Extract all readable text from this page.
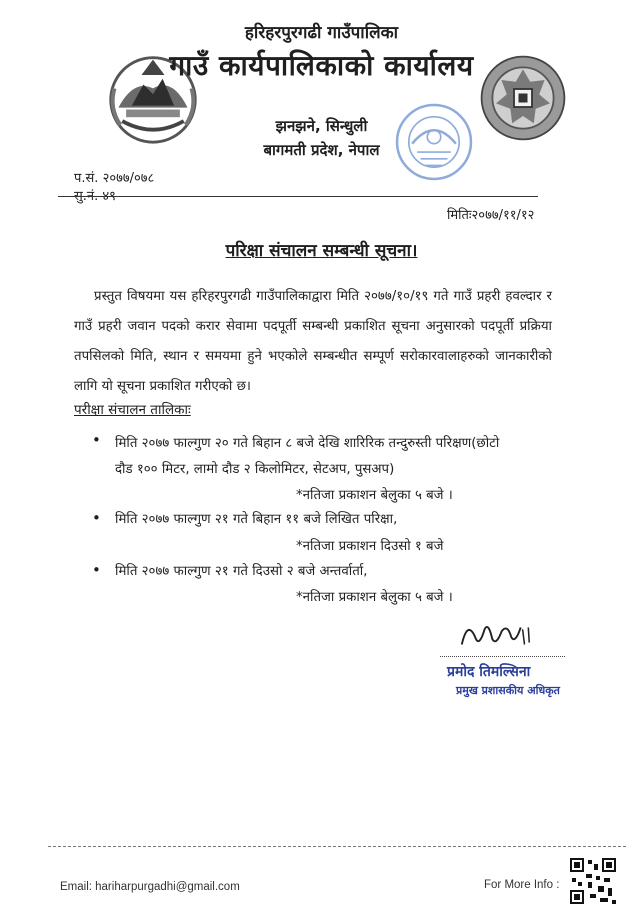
हरिहरपुरगढी गाउँपालिका
गाउँ कार्यपालिकाको कार्यालय
झनझने, सिन्धुली
बागमती प्रदेश, नेपाल
प.सं. २०७७/०७८
सु.नं. ४९
मितिः२०७७/११/१२
परिक्षा संचालन सम्बन्धी सूचना।
प्रस्तुत विषयमा यस हरिहरपुरगढी गाउँपालिकाद्वारा मिति २०७७/१०/१९ गते गाउँ प्रहरी हवल्दार र गाउँ प्रहरी जवान पदको करार सेवामा पदपूर्ती सम्बन्धी प्रकाशित सूचना अनुसारको पदपूर्ती प्रक्रिया तपसिलको मिति, स्थान र समयमा हुने भएकोले सम्बन्धीत सम्पूर्ण सरोकारवालाहरुको जानकारीको लागि यो सूचना प्रकाशित गरीएको छ।
परीक्षा संचालन तालिकाः
• मिति २०७७ फाल्गुण २० गते बिहान ८ बजे देखि शारिरिक तन्दुरुस्ती परिक्षण(छोटो
दौड १०० मिटर, लामो दौड २ किलोमिटर, सेटअप, पुसअप)
*नतिजा प्रकाशन बेलुका ५ बजे ।
• मिति २०७७ फाल्गुण २१ गते बिहान ११ बजे लिखित परिक्षा,
*नतिजा प्रकाशन दिउसो १ बजे
• मिति २०७७ फाल्गुण २१ गते दिउसो २ बजे अन्तर्वार्ता,
*नतिजा प्रकाशन बेलुका ५ बजे ।
प्रमोद तिमल्सिना
प्रमुख प्रशासकीय अधिकृत
Email: hariharpurgadhi@gmail.com	For More Info :
